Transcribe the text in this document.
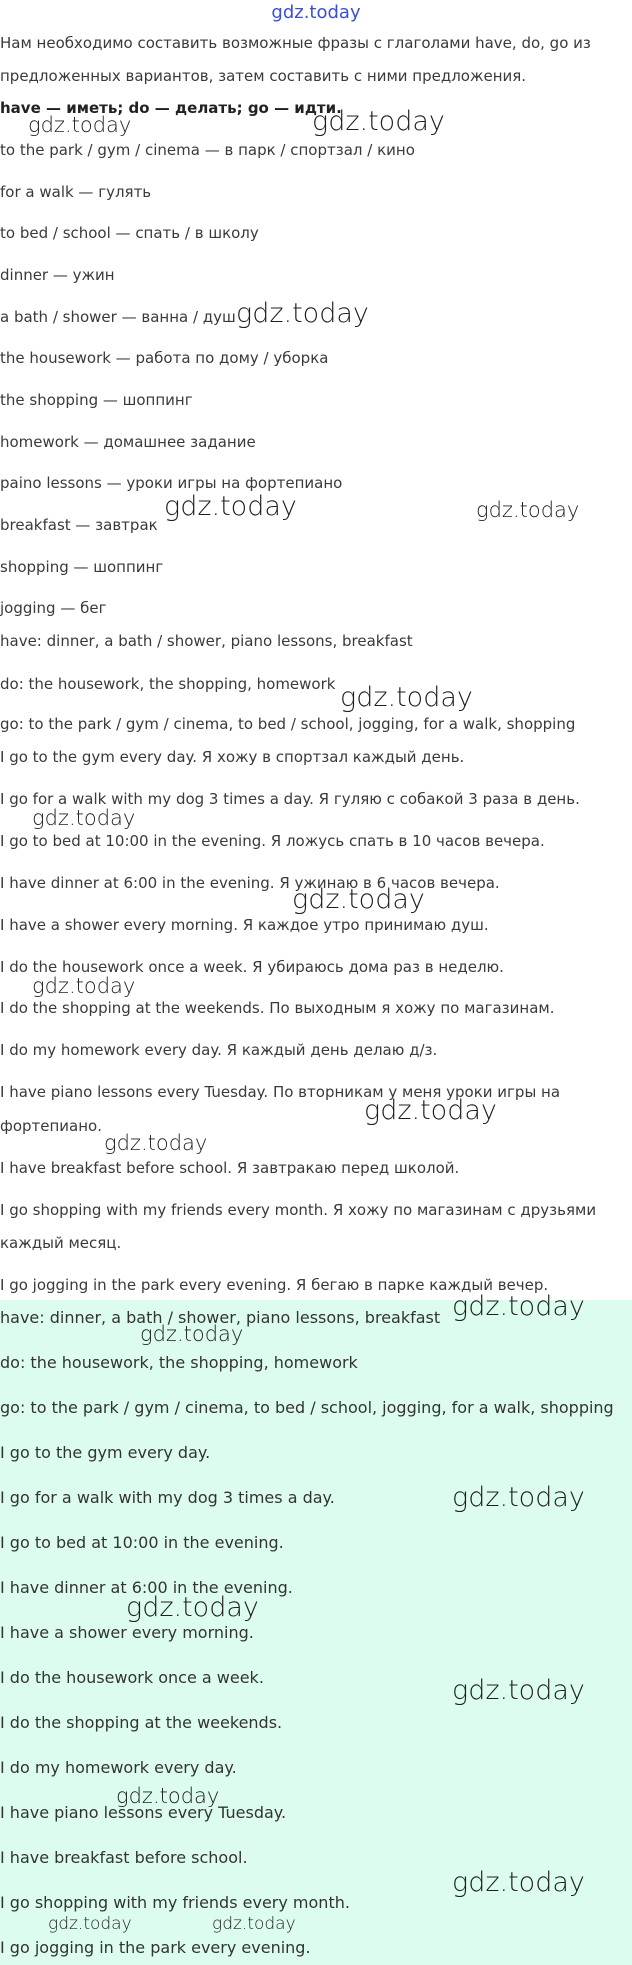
gdz.today
Нам необходимо составить возможные фразы с глаголами have, do, go из предложенных вариантов, затем составить с ними предложения.
have — иметь; do — делать; go — идти.
to the park / gym / cinema — в парк / спортзал / кино
for a walk — гулять
to bed / school — спать / в школу
dinner — ужин
a bath / shower — ванна / душ
the housework — работа по дому / уборка
the shopping — шоппинг
homework — домашнее задание
paino lessons — уроки игры на фортепиано
breakfast — завтрак
shopping — шоппинг
jogging — бег
have: dinner, a bath / shower, piano lessons, breakfast
do: the housework, the shopping, homework
go: to the park / gym / cinema, to bed / school, jogging, for a walk, shopping
I go to the gym every day. Я хожу в спортзал каждый день.
I go for a walk with my dog 3 times a day. Я гуляю с собакой 3 раза в день.
I go to bed at 10:00 in the evening. Я ложусь спать в 10 часов вечера.
I have dinner at 6:00 in the evening. Я ужинаю в 6 часов вечера.
I have a shower every morning. Я каждое утро принимаю душ.
I do the housework once a week. Я убираюсь дома раз в неделю.
I do the shopping at the weekends. По выходным я хожу по магазинам.
I do my homework every day. Я каждый день делаю д/з.
I have piano lessons every Tuesday. По вторникам у меня уроки игры на
фортепиано.
I have breakfast before school. Я завтракаю перед школой.
I go shopping with my friends every month. Я хожу по магазинам с друзьями
каждый месяц.
I go jogging in the park every evening. Я бегаю в парке каждый вечер.
have: dinner, a bath / shower, piano lessons, breakfast
do: the housework, the shopping, homework
go: to the park / gym / cinema, to bed / school, jogging, for a walk, shopping
I go to the gym every day.
I go for a walk with my dog 3 times a day.
I go to bed at 10:00 in the evening.
I have dinner at 6:00 in the evening.
I have a shower every morning.
I do the housework once a week.
I do the shopping at the weekends.
I do my homework every day.
I have piano lessons every Tuesday.
I have breakfast before school.
I go shopping with my friends every month.
I go jogging in the park every evening.
gdz.today	gdz.today
gdz.today
gdz.today	gdz.today
gdz.today
gdz.today
gdz.today
gdz.today
gdz.today
gdz.today
gdz.today
gdz.today
gdz.today
gdz.today
gdz.today
gdz.today
gdz.today
gdz.today	gdz.today
